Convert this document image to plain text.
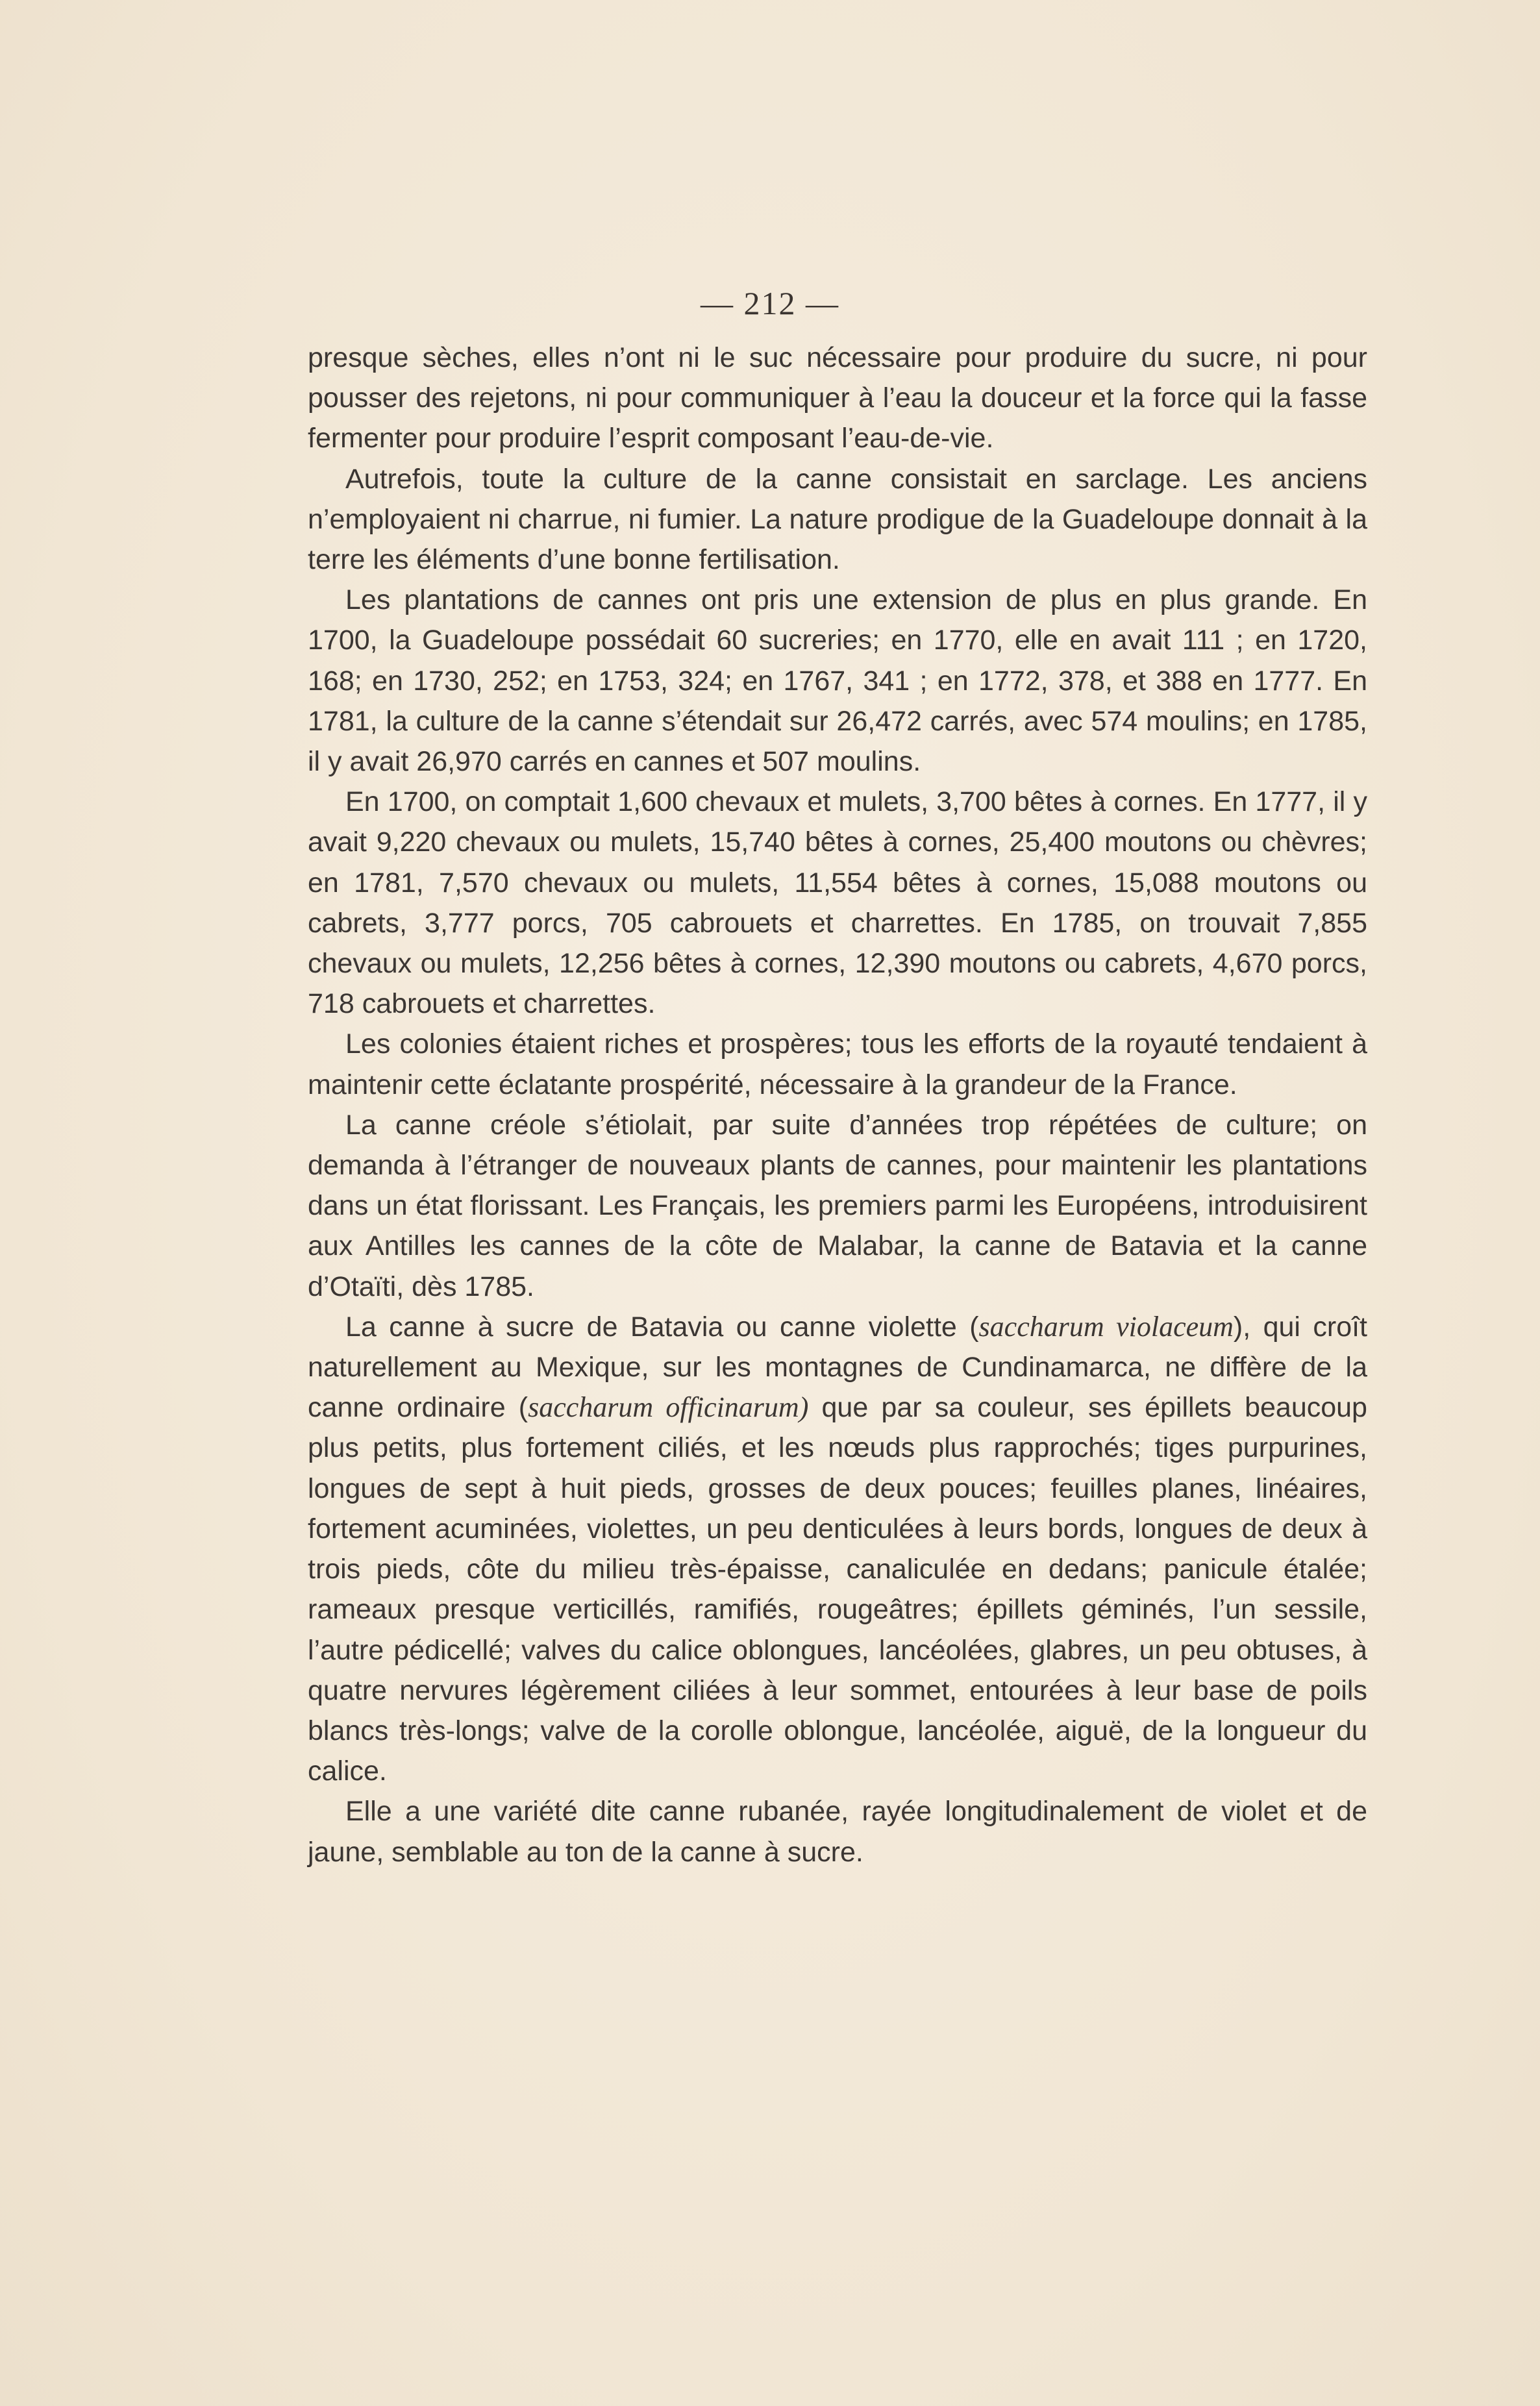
— 212 —

presque sèches, elles n’ont ni le suc nécessaire pour produire du sucre, ni pour pousser des rejetons, ni pour communiquer à l’eau la douceur et la force qui la fasse fermenter pour produire l’esprit composant l’eau-de-vie.

Autrefois, toute la culture de la canne consistait en sarclage. Les anciens n’employaient ni charrue, ni fumier. La nature prodigue de la Guadeloupe donnait à la terre les éléments d’une bonne fertilisation.

Les plantations de cannes ont pris une extension de plus en plus grande. En 1700, la Guadeloupe possédait 60 sucreries; en 1770, elle en avait 111 ; en 1720, 168; en 1730, 252; en 1753, 324; en 1767, 341 ; en 1772, 378, et 388 en 1777. En 1781, la culture de la canne s’étendait sur 26,472 carrés, avec 574 moulins; en 1785, il y avait 26,970 carrés en cannes et 507 moulins.

En 1700, on comptait 1,600 chevaux et mulets, 3,700 bêtes à cornes. En 1777, il y avait 9,220 chevaux ou mulets, 15,740 bêtes à cornes, 25,400 moutons ou chèvres; en 1781, 7,570 chevaux ou mulets, 11,554 bêtes à cornes, 15,088 moutons ou cabrets, 3,777 porcs, 705 cabrouets et charrettes. En 1785, on trouvait 7,855 chevaux ou mulets, 12,256 bêtes à cornes, 12,390 moutons ou cabrets, 4,670 porcs, 718 cabrouets et charrettes.

Les colonies étaient riches et prospères; tous les efforts de la royauté tendaient à maintenir cette éclatante prospérité, nécessaire à la grandeur de la France.

La canne créole s’étiolait, par suite d’années trop répétées de culture; on demanda à l’étranger de nouveaux plants de cannes, pour maintenir les plantations dans un état florissant. Les Français, les premiers parmi les Européens, introduisirent aux Antilles les cannes de la côte de Malabar, la canne de Batavia et la canne d’Otaïti, dès 1785.

La canne à sucre de Batavia ou canne violette (saccharum violaceum), qui croît naturellement au Mexique, sur les montagnes de Cundinamarca, ne diffère de la canne ordinaire (saccharum officinarum) que par sa couleur, ses épillets beaucoup plus petits, plus fortement ciliés, et les nœuds plus rapprochés; tiges purpurines, longues de sept à huit pieds, grosses de deux pouces; feuilles planes, linéaires, fortement acuminées, violettes, un peu denticulées à leurs bords, longues de deux à trois pieds, côte du milieu très-épaisse, canaliculée en dedans; panicule étalée; rameaux presque verticillés, ramifiés, rougeâtres; épillets géminés, l’un sessile, l’autre pédicellé; valves du calice oblongues, lancéolées, glabres, un peu obtuses, à quatre nervures légèrement ciliées à leur sommet, entourées à leur base de poils blancs très-longs; valve de la corolle oblongue, lancéolée, aiguë, de la longueur du calice.

Elle a une variété dite canne rubanée, rayée longitudinalement de violet et de jaune, semblable au ton de la canne à sucre.
